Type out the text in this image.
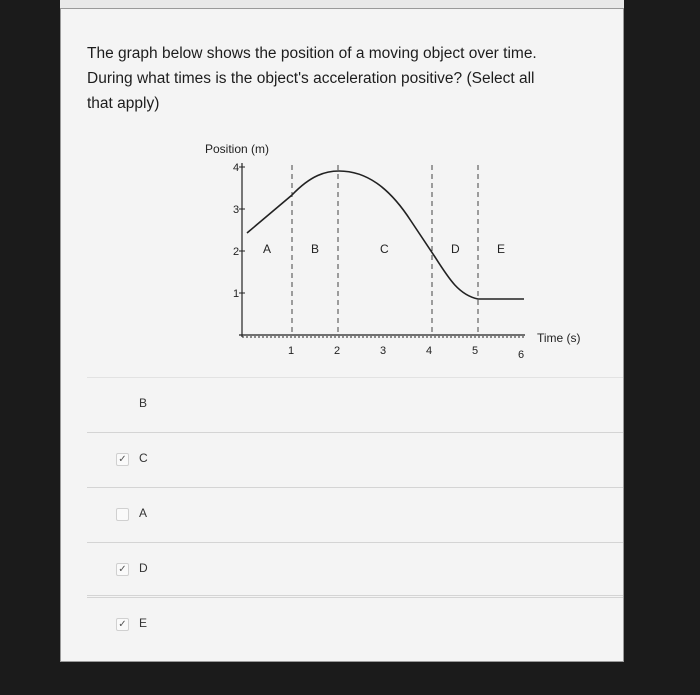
The graph below shows the position of a moving object over time.
During what times is the object's acceleration positive? (Select all
that apply)
Position (m)
1
2
3
4
1	2	3	4	5	6
Time (s)
A	B	C	D	E
B
✓ C
A
✓ D
✓ E
